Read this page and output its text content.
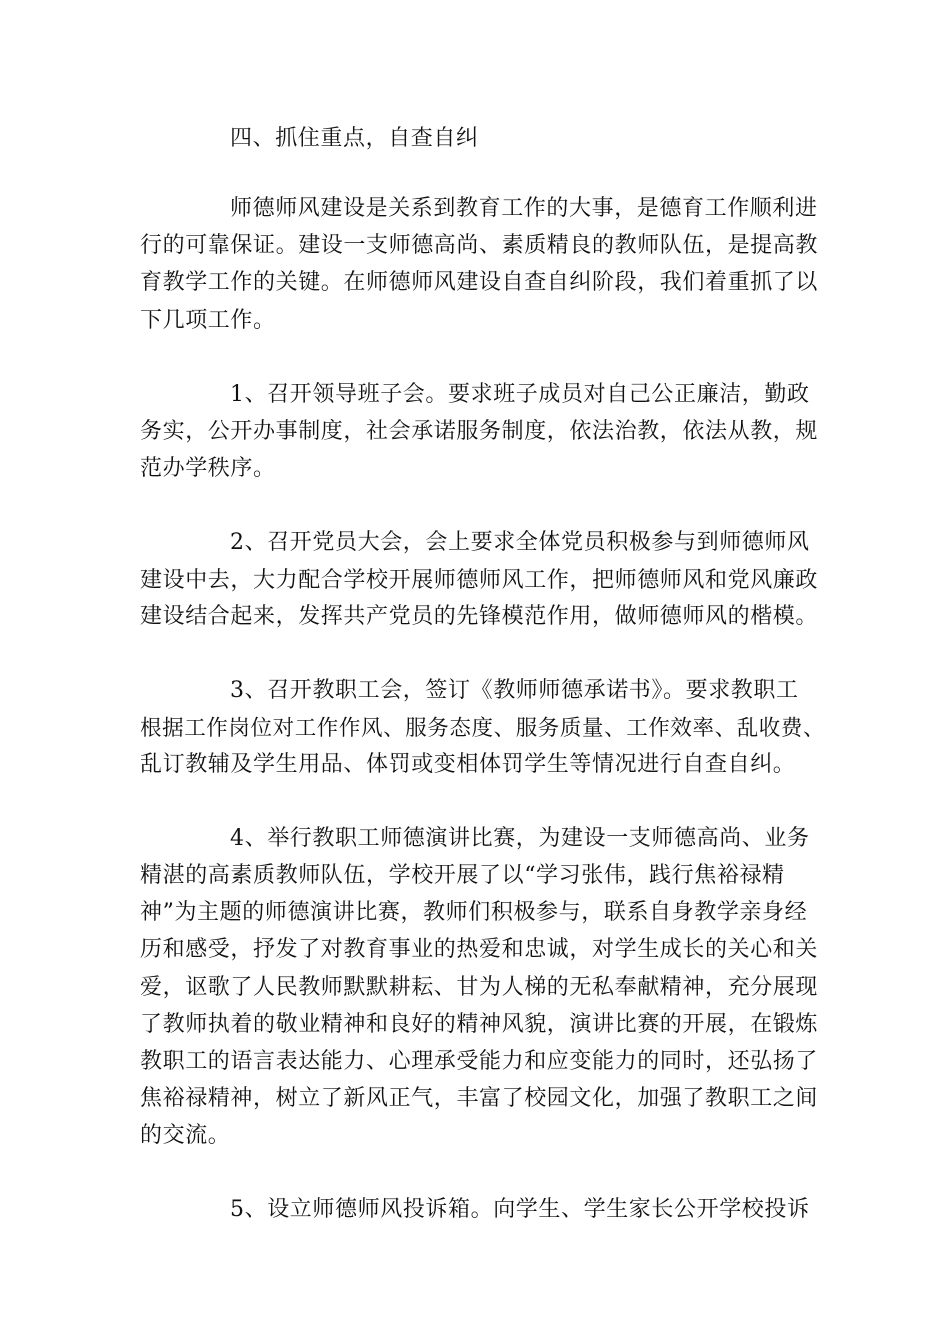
四、抓住重点，自查自纠
师德师风建设是关系到教育工作的大事，是德育工作顺利进
行的可靠保证。建设一支师德高尚、素质精良的教师队伍，是提高教
育教学工作的关键。在师德师风建设自查自纠阶段，我们着重抓了以
下几项工作。
1、召开领导班子会。要求班子成员对自己公正廉洁，勤政
务实，公开办事制度，社会承诺服务制度，依法治教，依法从教，规
范办学秩序。
2、召开党员大会，会上要求全体党员积极参与到师德师风
建设中去，大力配合学校开展师德师风工作，把师德师风和党风廉政
建设结合起来，发挥共产党员的先锋模范作用，做师德师风的楷模。
3、召开教职工会，签订《教师师德承诺书》。要求教职工
根据工作岗位对工作作风、服务态度、服务质量、工作效率、乱收费、
乱订教辅及学生用品、体罚或变相体罚学生等情况进行自查自纠。
4、举行教职工师德演讲比赛，为建设一支师德高尚、业务
精湛的高素质教师队伍，学校开展了以“学习张伟，践行焦裕禄精
神”为主题的师德演讲比赛，教师们积极参与，联系自身教学亲身经
历和感受，抒发了对教育事业的热爱和忠诚，对学生成长的关心和关
爱，讴歌了人民教师默默耕耘、甘为人梯的无私奉献精神，充分展现
了教师执着的敬业精神和良好的精神风貌，演讲比赛的开展，在锻炼
教职工的语言表达能力、心理承受能力和应变能力的同时，还弘扬了
焦裕禄精神，树立了新风正气，丰富了校园文化，加强了教职工之间
的交流。
5、设立师德师风投诉箱。向学生、学生家长公开学校投诉
